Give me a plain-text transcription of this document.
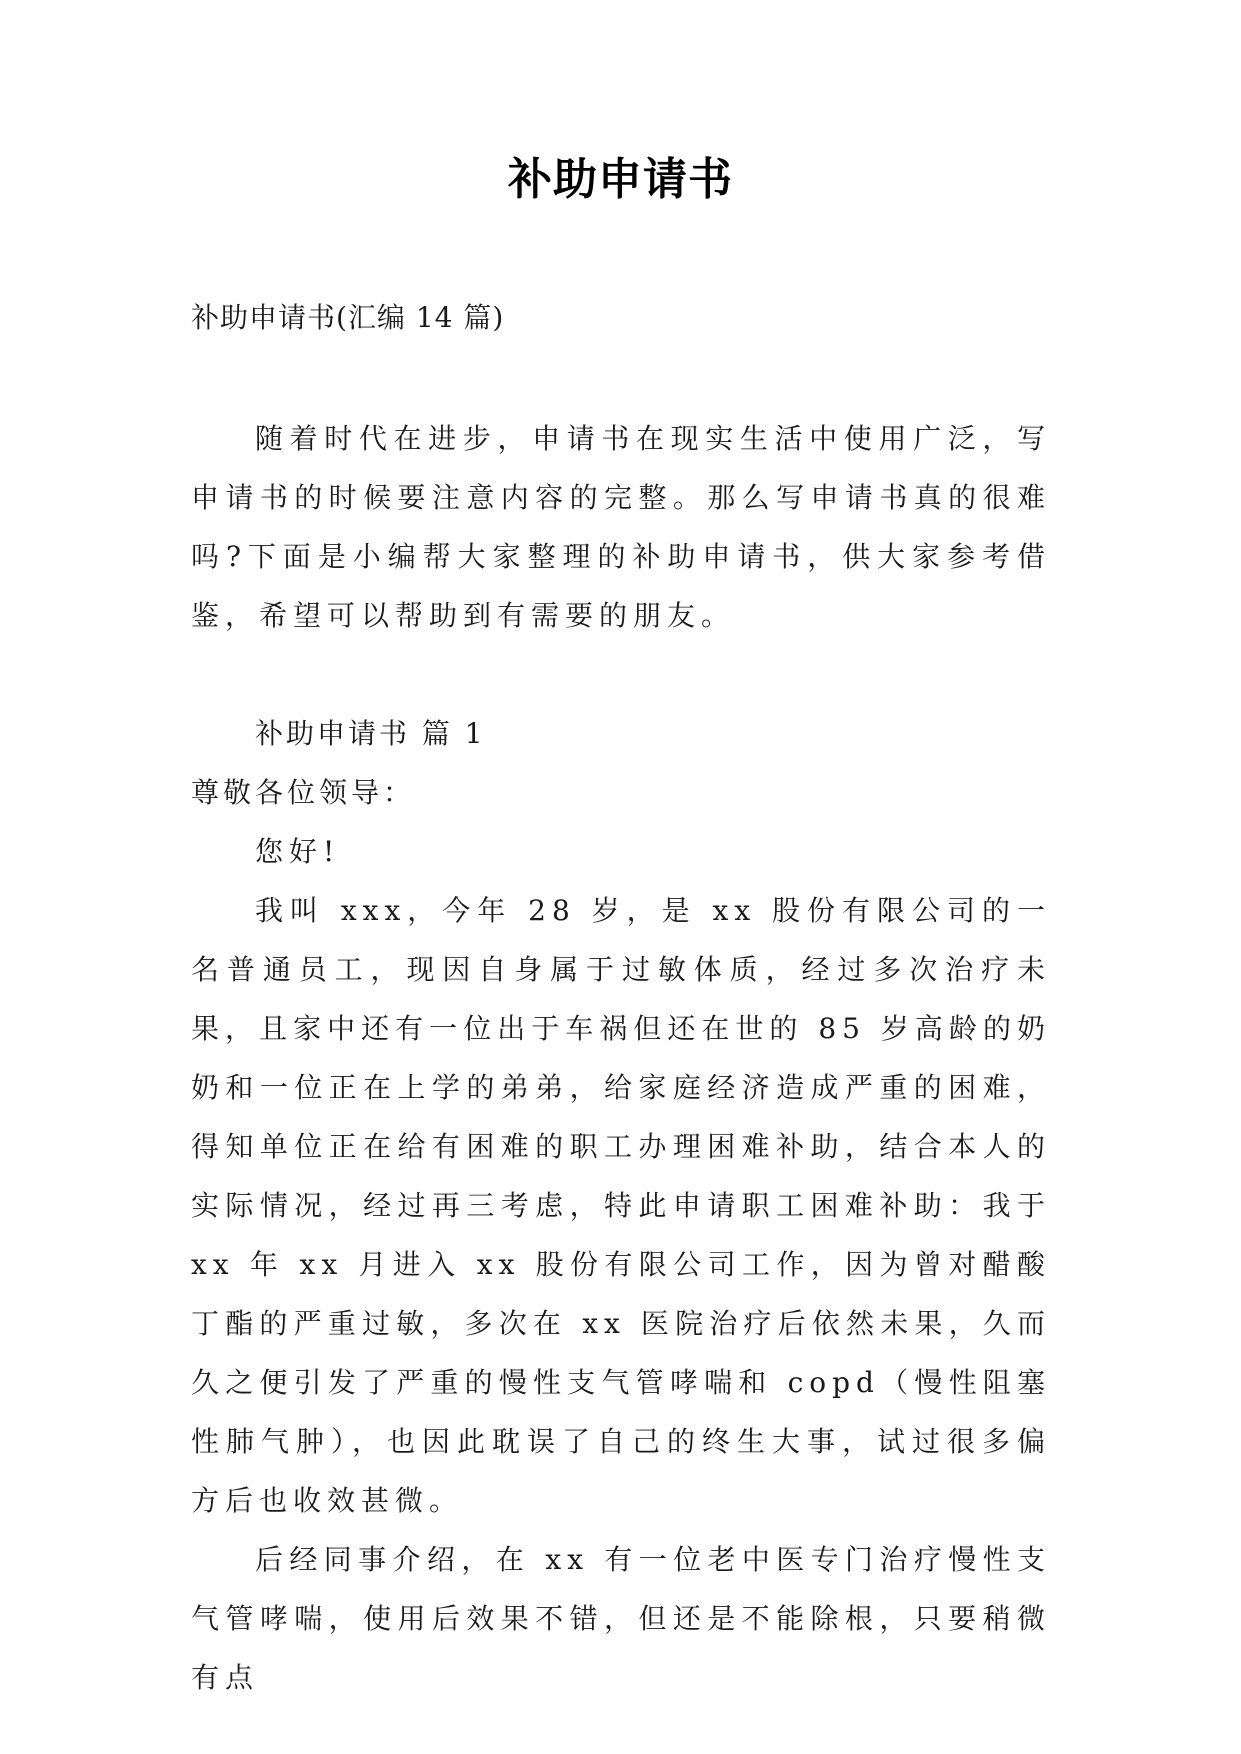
补助申请书

补助申请书(汇编 14 篇)

随着时代在进步，申请书在现实生活中使用广泛，写申请书的时候要注意内容的完整。那么写申请书真的很难吗?下面是小编帮大家整理的补助申请书，供大家参考借鉴，希望可以帮助到有需要的朋友。

补助申请书 篇 1

尊敬各位领导：

您好!

我叫 xxx，今年 28 岁，是 xx 股份有限公司的一名普通员工，现因自身属于过敏体质，经过多次治疗未果，且家中还有一位出于车祸但还在世的 85 岁高龄的奶奶和一位正在上学的弟弟，给家庭经济造成严重的困难，得知单位正在给有困难的职工办理困难补助，结合本人的实际情况，经过再三考虑，特此申请职工困难补助：我于 xx 年 xx 月进入 xx 股份有限公司工作，因为曾对醋酸丁酯的严重过敏，多次在 xx 医院治疗后依然未果，久而久之便引发了严重的慢性支气管哮喘和 copd（慢性阻塞性肺气肿），也因此耽误了自己的终生大事，试过很多偏方后也收效甚微。

后经同事介绍，在 xx 有一位老中医专门治疗慢性支气管哮喘，使用后效果不错，但还是不能除根，只要稍微有点
